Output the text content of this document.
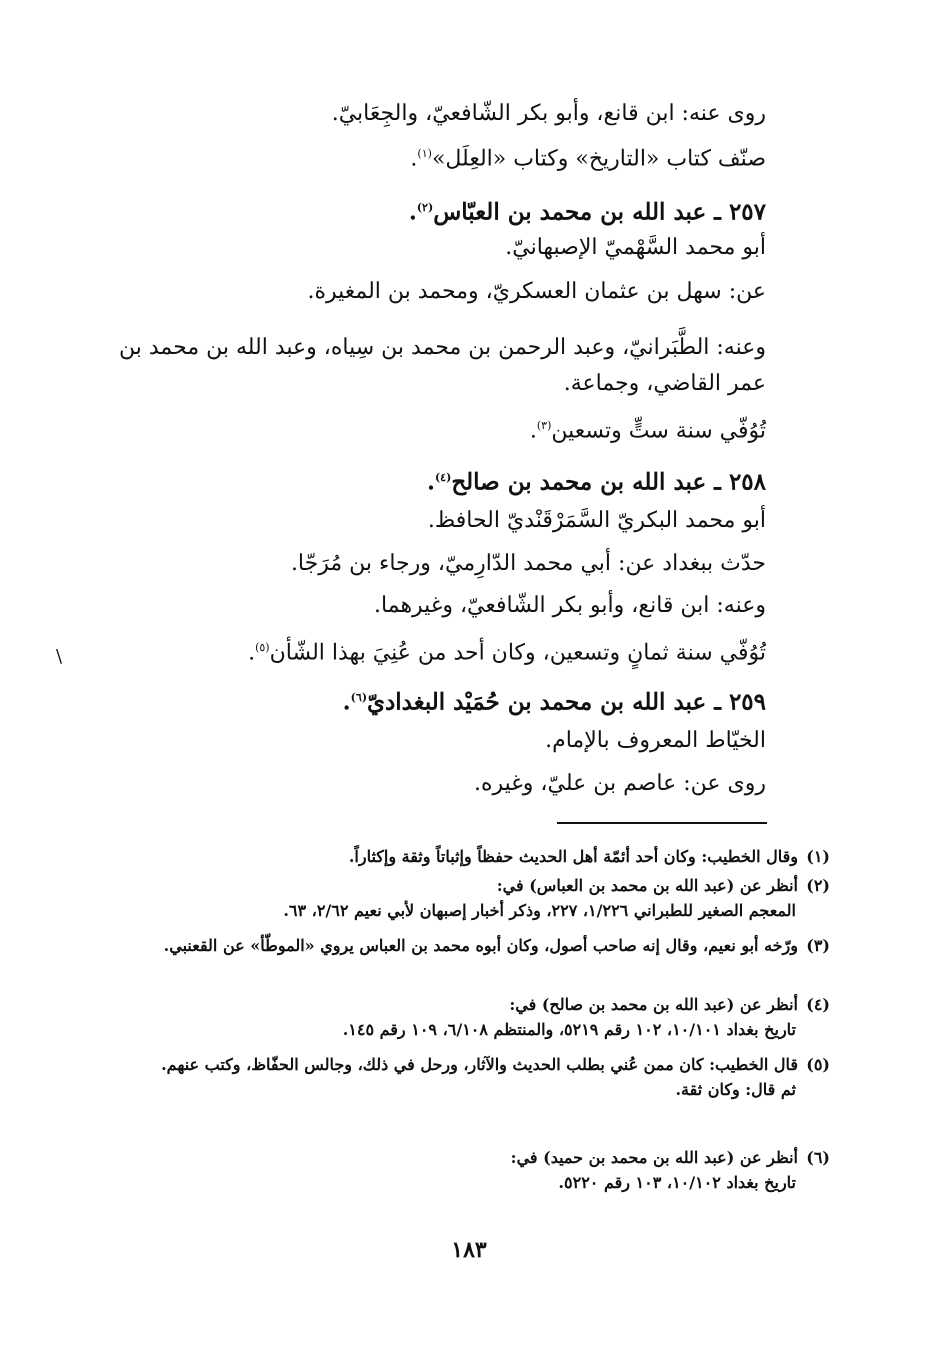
روى عنه: ابن قانع، وأبو بكر الشّافعيّ، والجِعَابيّ.
صنّف كتاب «التاريخ» وكتاب «العِلَل»$^{(١)}$.
٢٥٧ ـ عبد الله بن محمد بن العبّاس$^{(٢)}$.
أبو محمد السَّهْميّ الإصبهانيّ.
عن: سهل بن عثمان العسكريّ، ومحمد بن المغيرة.
وعنه: الطَّبَرانيّ، وعبد الرحمن بن محمد بن سِياه، وعبد الله بن محمد بن عمر القاضي، وجماعة.
تُوُفّي سنة ستٍّ وتسعين$^{(٣)}$.
٢٥٨ ـ عبد الله بن محمد بن صالح$^{(٤)}$.
أبو محمد البكريّ السَّمَرْقَنْديّ الحافظ.
حدّث ببغداد عن: أبي محمد الدّارِميّ، ورجاء بن مُرَجّا.
وعنه: ابن قانع، وأبو بكر الشّافعيّ، وغيرهما.
تُوُفّي سنة ثمانٍ وتسعين، وكان أحد من عُنِيَ بهذا الشّأن$^{(٥)}$.
\
٢٥٩ ـ عبد الله بن محمد بن حُمَيْد البغداديّ$^{(٦)}$.
الخيّاط المعروف بالإمام.
روى عن: عاصم بن عليّ، وغيره.
(١)وقال الخطيب: وكان أحد أئمّة أهل الحديث حفظاً وإثباتاً وثقة وإكثاراً.
(٢)أنظر عن (عبد الله بن محمد بن العباس) في:
المعجم الصغير للطبراني ١/٢٢٦، ٢٢٧، وذكر أخبار إصبهان لأبي نعيم ٢/٦٢، ٦٣.
(٣)ورّخه أبو نعيم، وقال إنه صاحب أصول، وكان أبوه محمد بن العباس يروي «الموطّأ» عن القعنبي.
(٤)أنظر عن (عبد الله بن محمد بن صالح) في:
تاريخ بغداد ١٠/١٠١، ١٠٢ رقم ٥٢١٩، والمنتظم ٦/١٠٨، ١٠٩ رقم ١٤٥.
(٥)قال الخطيب: كان ممن عُني بطلب الحديث والآثار، ورحل في ذلك، وجالس الحفّاظ، وكتب عنهم.
ثم قال: وكان ثقة.
(٦)أنظر عن (عبد الله بن محمد بن حميد) في:
تاريخ بغداد ١٠/١٠٢، ١٠٣ رقم ٥٢٢٠.
١٨٣
